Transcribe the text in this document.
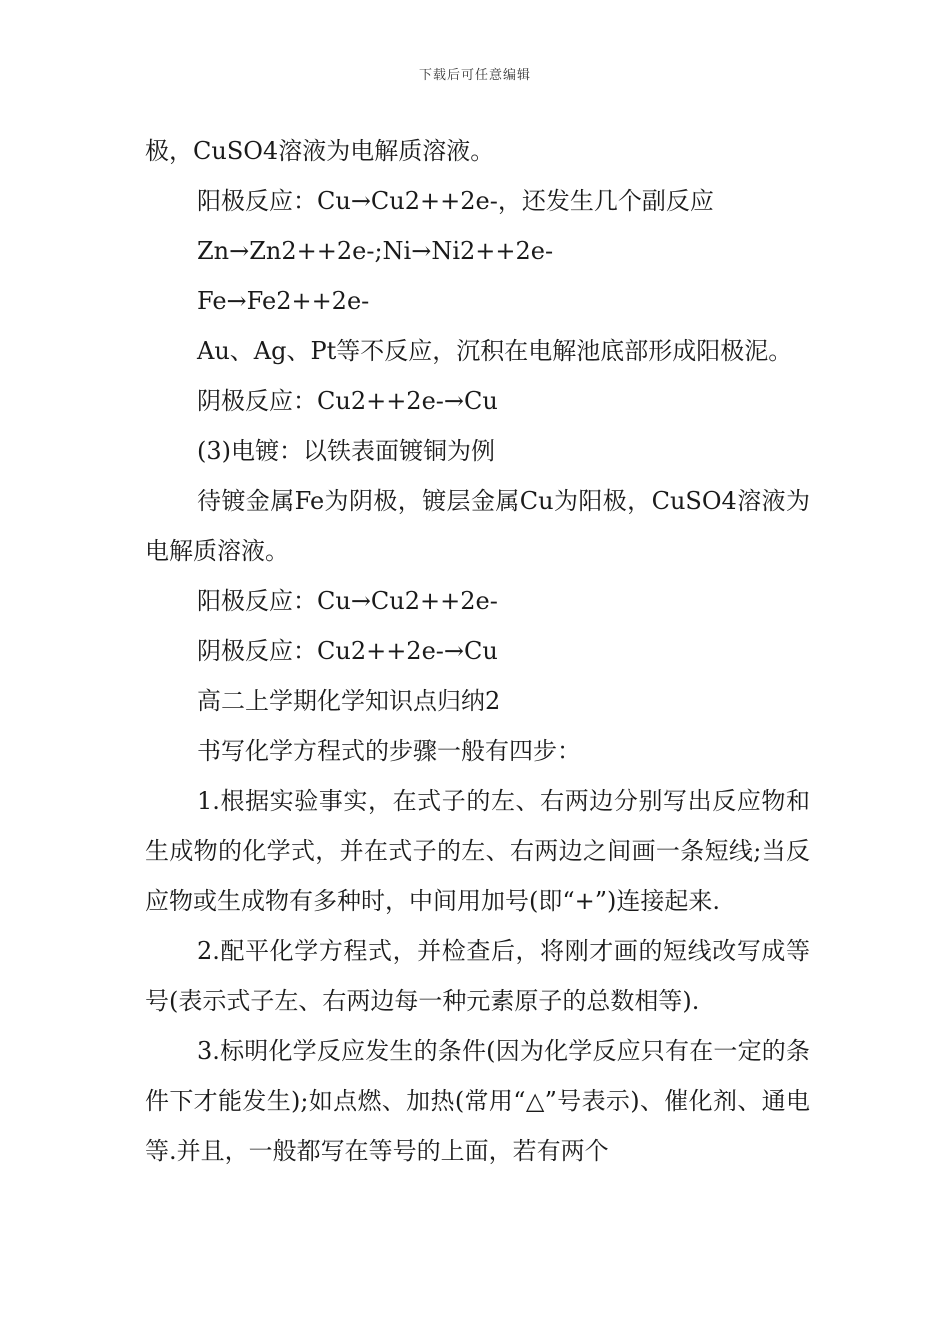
下载后可任意编辑

极，CuSO4溶液为电解质溶液。

阳极反应：Cu→Cu2++2e-，还发生几个副反应

Zn→Zn2++2e-;Ni→Ni2++2e-

Fe→Fe2++2e-

Au、Ag、Pt等不反应，沉积在电解池底部形成阳极泥。

阴极反应：Cu2++2e-→Cu

(3)电镀：以铁表面镀铜为例

待镀金属Fe为阴极，镀层金属Cu为阳极，CuSO4溶液为电解质溶液。

阳极反应：Cu→Cu2++2e-

阴极反应：Cu2++2e-→Cu

高二上学期化学知识点归纳2

书写化学方程式的步骤一般有四步：

1.根据实验事实，在式子的左、右两边分别写出反应物和生成物的化学式，并在式子的左、右两边之间画一条短线;当反应物或生成物有多种时，中间用加号(即“+”)连接起来.

2.配平化学方程式，并检查后，将刚才画的短线改写成等号(表示式子左、右两边每一种元素原子的总数相等).

3.标明化学反应发生的条件(因为化学反应只有在一定的条件下才能发生);如点燃、加热(常用“△”号表示)、催化剂、通电等.并且，一般都写在等号的上面，若有两个
